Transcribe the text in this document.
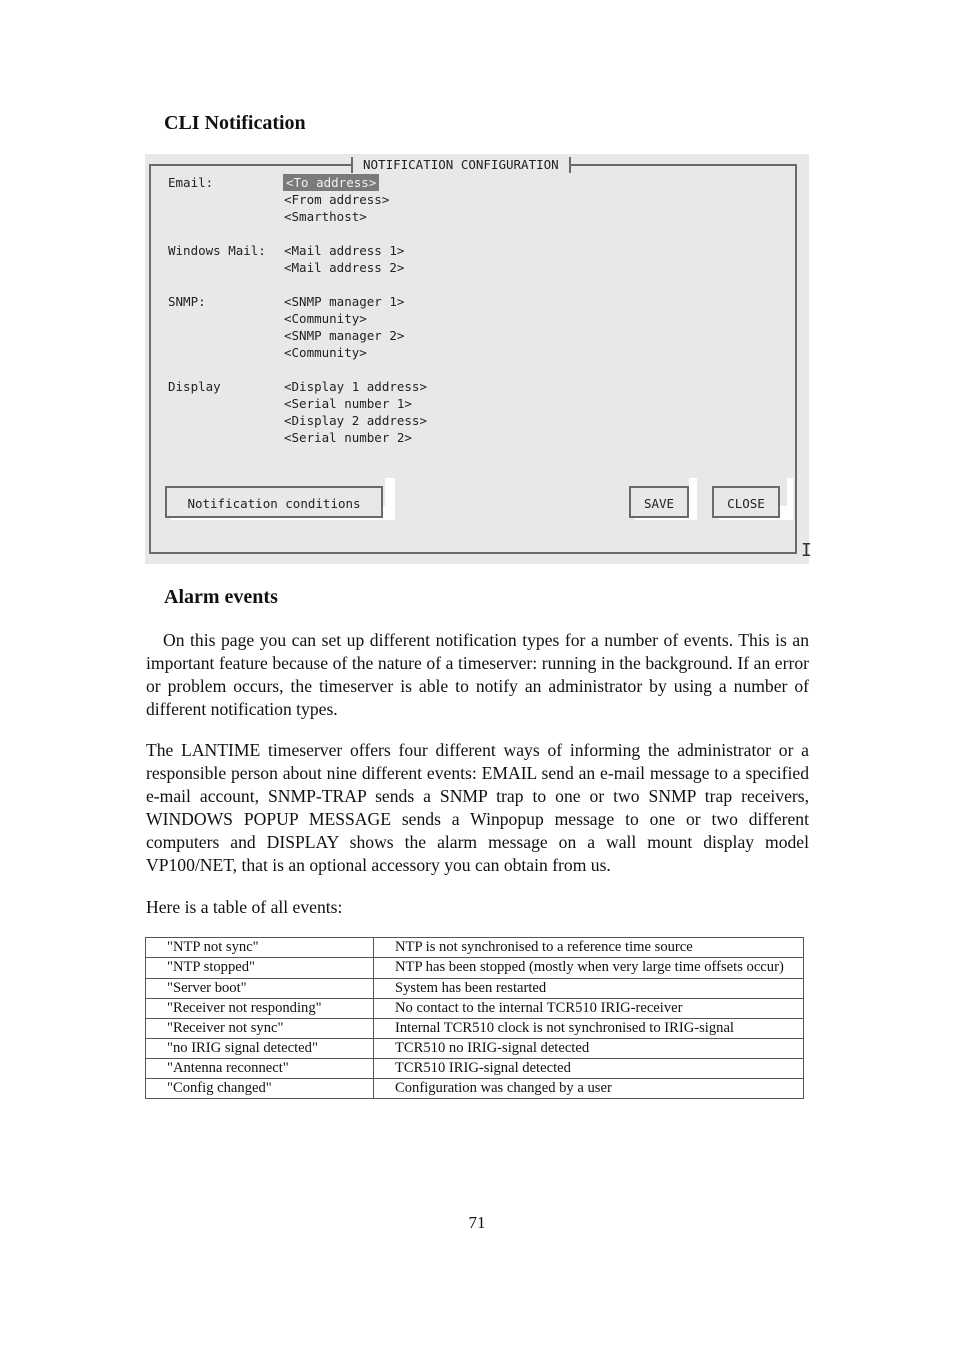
CLI Notification
NOTIFICATION CONFIGURATION
Email:	<To address>
<From address>
<Smarthost>
Windows Mail: <Mail address 1>
<Mail address 2>
SNMP:	<SNMP manager 1>
<Community>
<SNMP manager 2>
<Community>
Display	<Display 1 address>
<Serial number 1>
<Display 2 address>
<Serial number 2>
Notification conditions	SAVE	CLOSE
I
Alarm events

On this page you can set up different notification types for a number of events. This is an important feature because of the nature of a timeserver: running in the background. If an error or problem occurs, the timeserver is able to notify an administrator by using a number of different notification types.

The LANTIME timeserver offers four different ways of informing the administrator or a responsible person about nine different events: EMAIL send an e-mail message to a specified e-mail account, SNMP-TRAP sends a SNMP trap to one or two SNMP trap receivers, WINDOWS POPUP MESSAGE sends a Winpopup message to one or two different computers and DISPLAY shows the alarm message on a wall mount display model VP100/NET, that is an optional accessory you can obtain from us.

Here is a table of all events:

"NTP not sync"	NTP is not synchronised to a reference time source
"NTP stopped"	NTP has been stopped (mostly when very large time offsets occur)
"Server boot"	System has been restarted
"Receiver not responding"	No contact to the internal TCR510 IRIG-receiver
"Receiver not sync"	Internal TCR510 clock is not synchronised to IRIG-signal
"no IRIG signal detected"	TCR510 no IRIG-signal detected
"Antenna reconnect"	TCR510 IRIG-signal detected
"Config changed"	Configuration was changed by a user
71
